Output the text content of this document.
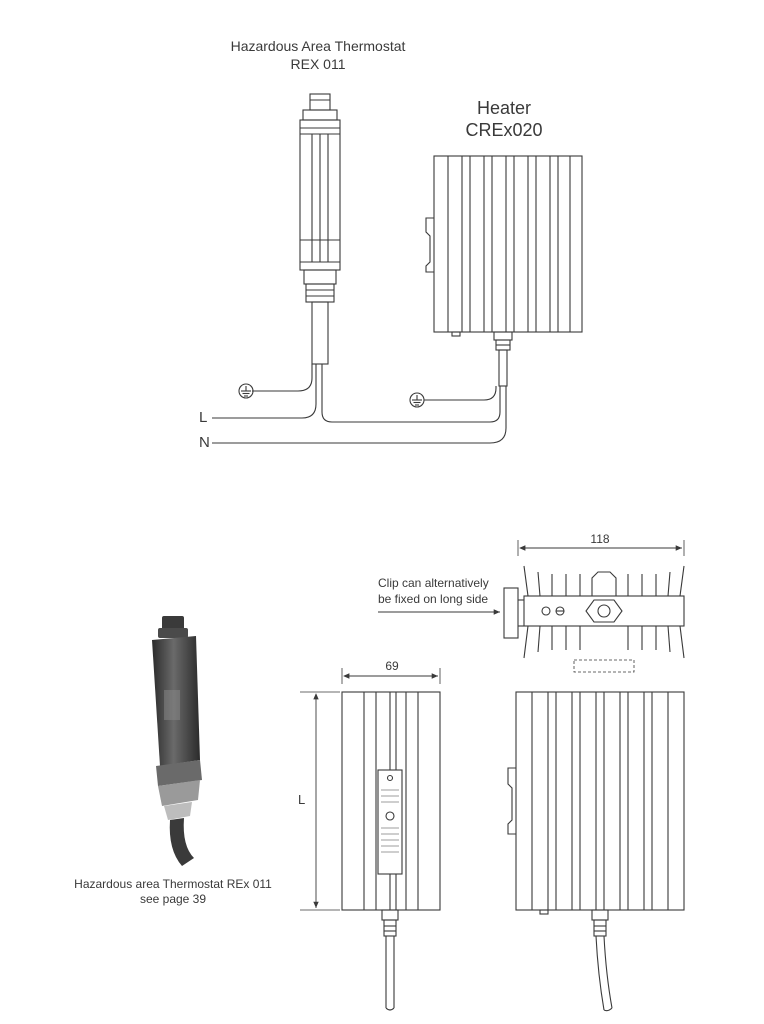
Hazardous Area Thermostat
REX 011
Heater
CREx020
L
N
118
69
L
Clip can alternatively
be fixed on long side
Hazardous area Thermostat REx 011
see page 39
